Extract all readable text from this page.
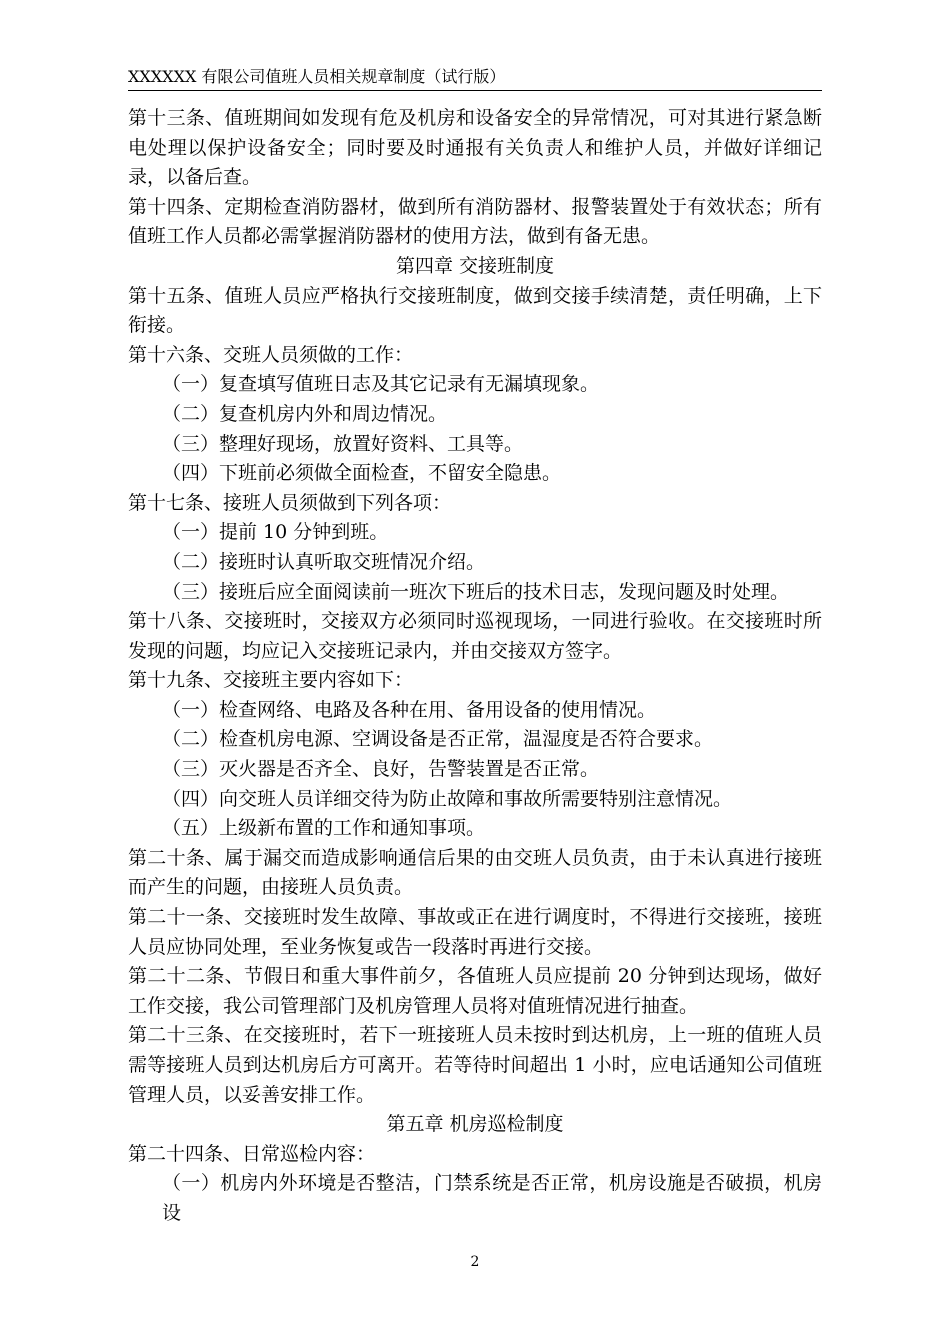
XXXXXX 有限公司值班人员相关规章制度（试行版）

第十三条、值班期间如发现有危及机房和设备安全的异常情况，可对其进行紧急断电处理以保护设备安全；同时要及时通报有关负责人和维护人员，并做好详细记录，以备后查。

第十四条、定期检查消防器材，做到所有消防器材、报警装置处于有效状态；所有值班工作人员都必需掌握消防器材的使用方法，做到有备无患。

第四章 交接班制度

第十五条、值班人员应严格执行交接班制度，做到交接手续清楚，责任明确，上下衔接。

第十六条、交班人员须做的工作：

（一）复查填写值班日志及其它记录有无漏填现象。

（二）复查机房内外和周边情况。

（三）整理好现场，放置好资料、工具等。

（四）下班前必须做全面检查，不留安全隐患。

第十七条、接班人员须做到下列各项：

（一）提前 10 分钟到班。

（二）接班时认真听取交班情况介绍。

（三）接班后应全面阅读前一班次下班后的技术日志，发现问题及时处理。

第十八条、交接班时，交接双方必须同时巡视现场，一同进行验收。在交接班时所发现的问题，均应记入交接班记录内，并由交接双方签字。

第十九条、交接班主要内容如下：

（一）检查网络、电路及各种在用、备用设备的使用情况。

（二）检查机房电源、空调设备是否正常，温湿度是否符合要求。

（三）灭火器是否齐全、良好，告警装置是否正常。

（四）向交班人员详细交待为防止故障和事故所需要特别注意情况。

（五）上级新布置的工作和通知事项。

第二十条、属于漏交而造成影响通信后果的由交班人员负责，由于未认真进行接班而产生的问题，由接班人员负责。

第二十一条、交接班时发生故障、事故或正在进行调度时，不得进行交接班，接班人员应协同处理，至业务恢复或告一段落时再进行交接。

第二十二条、节假日和重大事件前夕，各值班人员应提前 20 分钟到达现场，做好工作交接，我公司管理部门及机房管理人员将对值班情况进行抽查。

第二十三条、在交接班时，若下一班接班人员未按时到达机房，上一班的值班人员需等接班人员到达机房后方可离开。若等待时间超出 1 小时，应电话通知公司值班管理人员，以妥善安排工作。

第五章 机房巡检制度

第二十四条、日常巡检内容：

（一）机房内外环境是否整洁，门禁系统是否正常，机房设施是否破损，机房设

2
